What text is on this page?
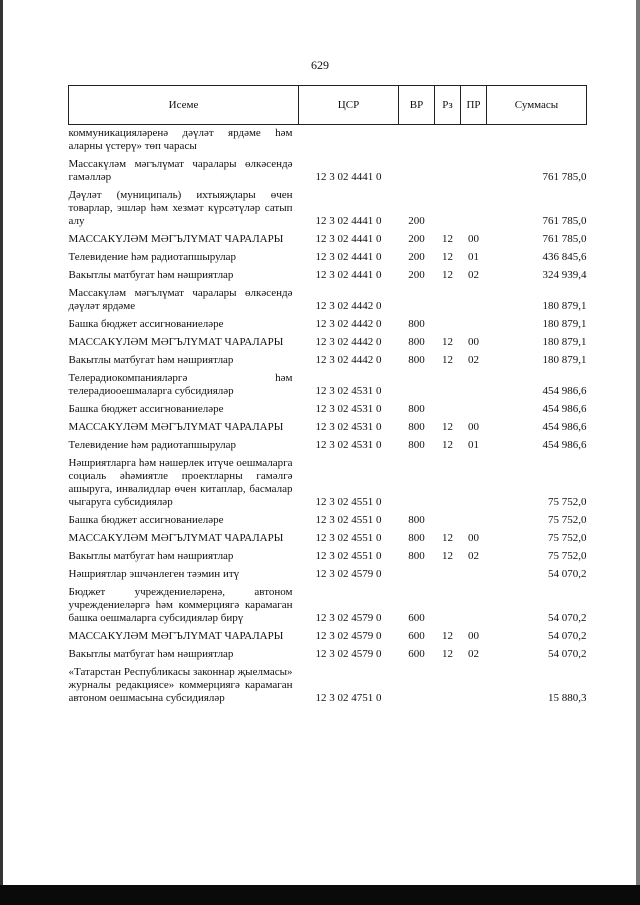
629
Исеме	ЦСР	ВР	Рз	ПР	Суммасы
коммуникацияләренә дәүләт ярдәме һәм аларны үстерү» төп чарасы					
Массакүләм мәгълүмат чаралары өлкәсендә гамәлләр	12 3 02 4441 0				761 785,0
Дәүләт (муниципаль) ихтыяҗлары өчен товарлар, эшләр һәм хезмәт күрсәтүләр сатып алу	12 3 02 4441 0	200			761 785,0
МАССАКҮЛӘМ МӘГЪЛҮМАТ ЧАРАЛАРЫ	12 3 02 4441 0	200	12	00	761 785,0
Телевидение һәм радиотапшырулар	12 3 02 4441 0	200	12	01	436 845,6
Вакытлы матбугат һәм нәшриятлар	12 3 02 4441 0	200	12	02	324 939,4
Массакүләм мәгълүмат чаралары өлкәсендә дәүләт ярдәме	12 3 02 4442 0				180 879,1
Башка бюджет ассигнованиеләре	12 3 02 4442 0	800			180 879,1
МАССАКҮЛӘМ МӘГЪЛҮМАТ ЧАРАЛАРЫ	12 3 02 4442 0	800	12	00	180 879,1
Вакытлы матбугат һәм нәшриятлар	12 3 02 4442 0	800	12	02	180 879,1
Телерадиокомпанияләргә һәм телерадиооешмаларга субсидияләр	12 3 02 4531 0				454 986,6
Башка бюджет ассигнованиеләре	12 3 02 4531 0	800			454 986,6
МАССАКҮЛӘМ МӘГЪЛҮМАТ ЧАРАЛАРЫ	12 3 02 4531 0	800	12	00	454 986,6
Телевидение һәм радиотапшырулар	12 3 02 4531 0	800	12	01	454 986,6
Нәшриятларга һәм нәшерлек итүче оешмаларга социаль әһәмиятле проектларны гамәлгә ашыруга, инвалидлар өчен китаплар, басмалар чыгаруга субсидияләр	12 3 02 4551 0				75 752,0
Башка бюджет ассигнованиеләре	12 3 02 4551 0	800			75 752,0
МАССАКҮЛӘМ МӘГЪЛҮМАТ ЧАРАЛАРЫ	12 3 02 4551 0	800	12	00	75 752,0
Вакытлы матбугат һәм нәшриятлар	12 3 02 4551 0	800	12	02	75 752,0
Нәшриятлар эшчәнлеген тәэмин итү	12 3 02 4579 0				54 070,2
Бюджет учреждениеләренә, автоном учреждениеләргә һәм коммерциягә карамаган башка оешмаларга субсидияләр бирү	12 3 02 4579 0	600			54 070,2
МАССАКҮЛӘМ МӘГЪЛҮМАТ ЧАРАЛАРЫ	12 3 02 4579 0	600	12	00	54 070,2
Вакытлы матбугат һәм нәшриятлар	12 3 02 4579 0	600	12	02	54 070,2
«Татарстан Республикасы законнар җыелмасы» журналы редакциясе» коммерциягә карамаган автоном оешмасына субсидияләр	12 3 02 4751 0				15 880,3
